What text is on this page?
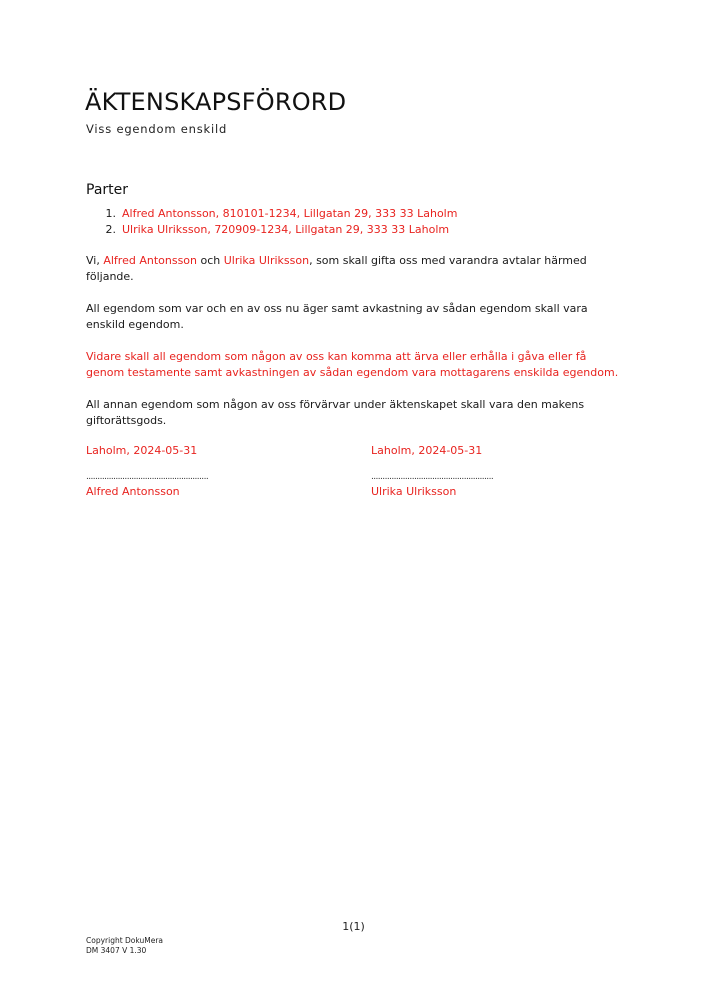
ÄKTENSKAPSFÖRORD
Viss egendom enskild
Parter
1. Alfred Antonsson, 810101-1234, Lillgatan 29, 333 33 Laholm
2. Ulrika Ulriksson, 720909-1234, Lillgatan 29, 333 33 Laholm

Vi, Alfred Antonsson och Ulrika Ulriksson, som skall gifta oss med varandra avtalar härmed följande.

All egendom som var och en av oss nu äger samt avkastning av sådan egendom skall vara enskild egendom.

Vidare skall all egendom som någon av oss kan komma att ärva eller erhålla i gåva eller få genom testamente samt avkastningen av sådan egendom vara mottagarens enskilda egendom.

All annan egendom som någon av oss förvärvar under äktenskapet skall vara den makens giftorättsgods.

Laholm, 2024-05-31
......................................................
Alfred Antonsson
Laholm, 2024-05-31
......................................................
Ulrika Ulriksson
1(1)
Copyright DokuMera
DM 3407 V 1.30
